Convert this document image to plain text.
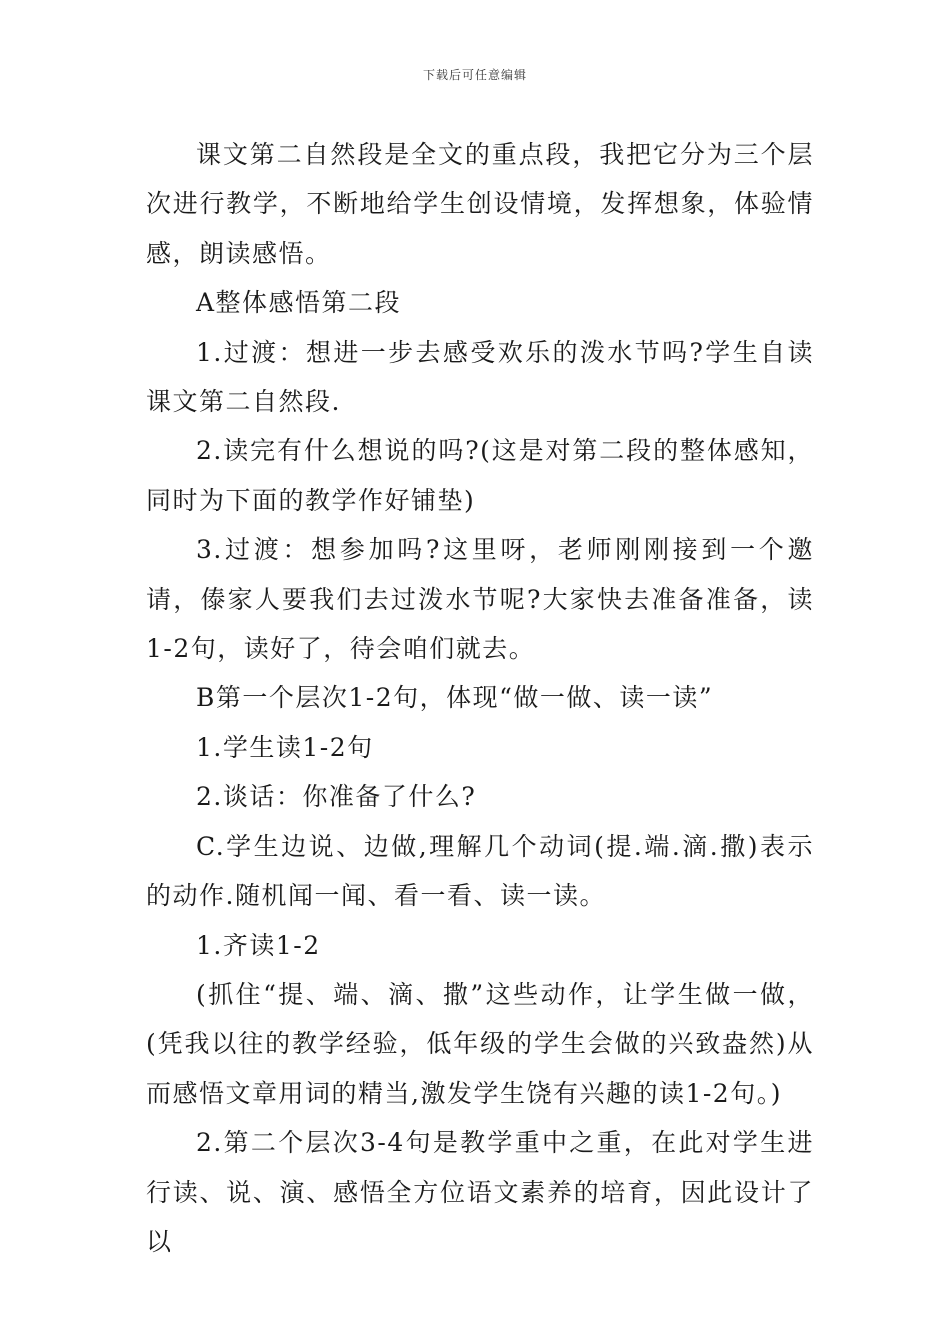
下载后可任意编辑

课文第二自然段是全文的重点段，我把它分为三个层次进行教学，不断地给学生创设情境，发挥想象，体验情感，朗读感悟。

A整体感悟第二段

1.过渡：想进一步去感受欢乐的泼水节吗?学生自读课文第二自然段.

2.读完有什么想说的吗?(这是对第二段的整体感知，同时为下面的教学作好铺垫)

3.过渡：想参加吗?这里呀，老师刚刚接到一个邀请，傣家人要我们去过泼水节呢?大家快去准备准备，读1-2句，读好了，待会咱们就去。

B第一个层次1-2句，体现“做一做、读一读”

1.学生读1-2句

2.谈话：你准备了什么?

C.学生边说、边做,理解几个动词(提.端.滴.撒)表示的动作.随机闻一闻、看一看、读一读。

1.齐读1-2

(抓住“提、端、滴、撒”这些动作，让学生做一做，(凭我以往的教学经验，低年级的学生会做的兴致盎然)从而感悟文章用词的精当,激发学生饶有兴趣的读1-2句。)

2.第二个层次3-4句是教学重中之重，在此对学生进行读、说、演、感悟全方位语文素养的培育，因此设计了以
